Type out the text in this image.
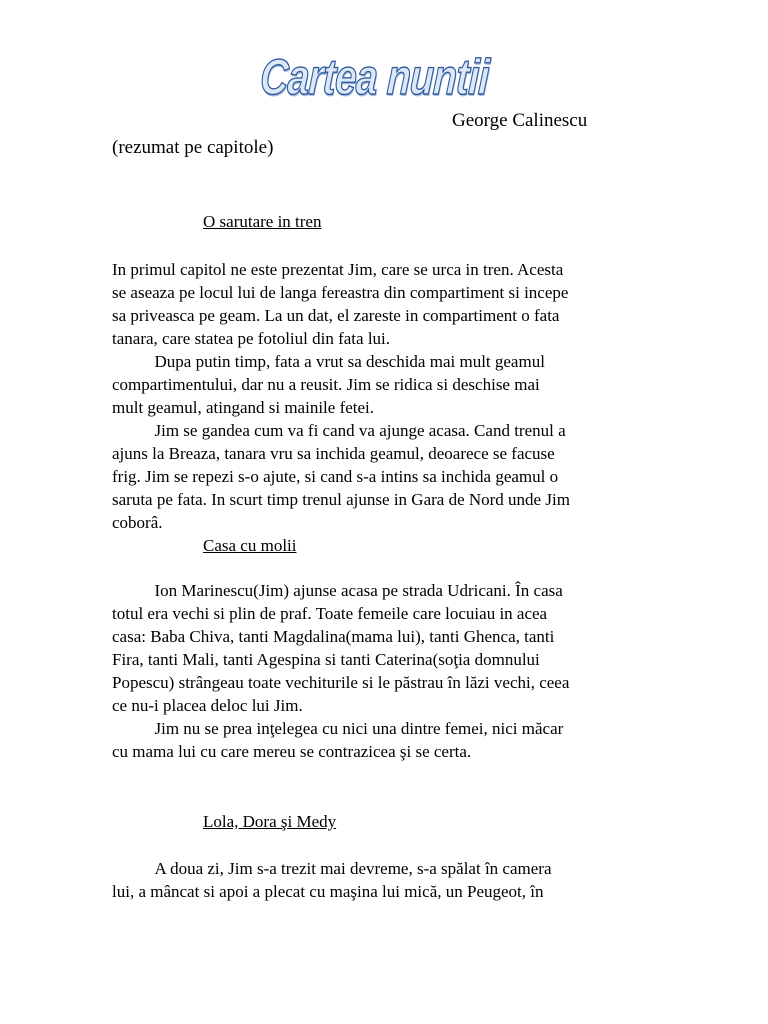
Cartea nuntii
George Calinescu
(rezumat pe capitole)
O sarutare in tren
In primul capitol ne este prezentat Jim, care se urca in tren. Acesta
se aseaza pe locul lui de langa fereastra din compartiment si incepe
sa priveasca pe geam. La un dat, el zareste in compartiment o fata
tanara, care statea pe fotoliul din fata lui.
Dupa putin timp, fata a vrut sa deschida mai mult geamul
compartimentului, dar nu a reusit. Jim se ridica si deschise mai
mult geamul, atingand si mainile fetei.
Jim se gandea cum va fi cand va ajunge acasa. Cand trenul a
ajuns la Breaza, tanara vru sa inchida geamul, deoarece se facuse
frig. Jim se repezi s-o ajute, si cand s-a intins sa inchida geamul o
saruta pe fata. In scurt timp trenul ajunse in Gara de Nord unde Jim
coborâ.
Casa cu molii
Ion Marinescu(Jim) ajunse acasa pe strada Udricani. În casa
totul era vechi si plin de praf. Toate femeile care locuiau in acea
casa: Baba Chiva, tanti Magdalina(mama lui), tanti Ghenca, tanti
Fira, tanti Mali, tanti Agespina si tanti Caterina(soţia domnului
Popescu) strângeau toate vechiturile si le păstrau în lăzi vechi, ceea
ce nu-i placea deloc lui Jim.
Jim nu se prea inţelegea cu nici una dintre femei, nici măcar
cu mama lui cu care mereu se contrazicea şi se certa.
Lola, Dora şi Medy
A doua zi, Jim s-a trezit mai devreme, s-a spălat în camera
lui, a mâncat si apoi a plecat cu maşina lui mică, un Peugeot, în
